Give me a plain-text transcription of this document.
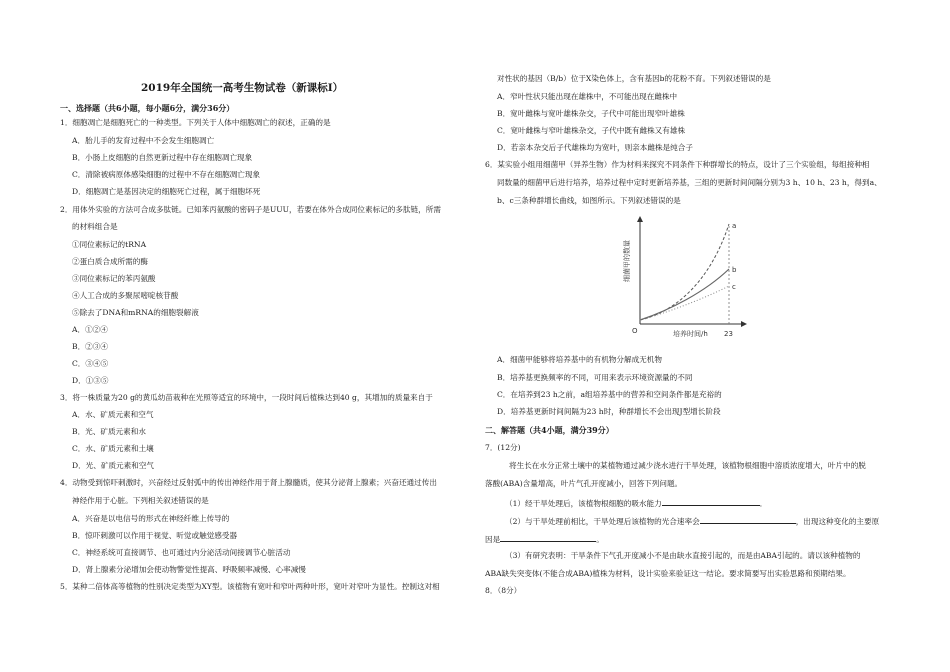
2019年全国统一高考生物试卷（新课标Ⅰ）
一、选择题（共6小题，每小题6分，满分36分）
1．细胞凋亡是细胞死亡的一种类型。下列关于人体中细胞凋亡的叙述，正确的是
A．胎儿手的发育过程中不会发生细胞凋亡
B．小肠上皮细胞的自然更新过程中存在细胞凋亡现象
C．清除被病原体感染细胞的过程中不存在细胞凋亡现象
D．细胞凋亡是基因决定的细胞死亡过程，属于细胞坏死
2．用体外实验的方法可合成多肽链。已知苯丙氨酸的密码子是UUU，若要在体外合成同位素标记的多肽链，所需
的材料组合是
①同位素标记的tRNA
②蛋白质合成所需的酶
③同位素标记的苯丙氨酸
④人工合成的多聚尿嘧啶核苷酸
⑤除去了DNA和mRNA的细胞裂解液
A．①②④
B．②③④
C．③④⑤
D．①③⑤
3．将一株质量为20 g的黄瓜幼苗栽种在光照等适宜的环境中，一段时间后植株达到40 g，其增加的质量来自于
A．水、矿质元素和空气
B．光、矿质元素和水
C．水、矿质元素和土壤
D．光、矿质元素和空气
4．动物受到惊吓刺激时，兴奋经过反射弧中的传出神经作用于肾上腺髓质，使其分泌肾上腺素；兴奋还通过传出
神经作用于心脏。下列相关叙述错误的是
A．兴奋是以电信号的形式在神经纤维上传导的
B．惊吓刺激可以作用于视觉、听觉或触觉感受器
C．神经系统可直接调节、也可通过内分泌活动间接调节心脏活动
D．肾上腺素分泌增加会使动物警觉性提高、呼吸频率减慢、心率减慢
5．某种二倍体高等植物的性别决定类型为XY型。该植物有宽叶和窄叶两种叶形，宽叶对窄叶为显性。控制这对相
对性状的基因（B/b）位于X染色体上，含有基因b的花粉不育。下列叙述错误的是
A．窄叶性状只能出现在雄株中，不可能出现在雌株中
B．宽叶雌株与宽叶雄株杂交，子代中可能出现窄叶雄株
C．宽叶雌株与窄叶雄株杂交，子代中既有雌株又有雄株
D．若亲本杂交后子代雄株均为宽叶，则亲本雌株是纯合子
6．某实验小组用细菌甲（异养生物）作为材料来探究不同条件下种群增长的特点，设计了三个实验组，每组接种相
同数量的细菌甲后进行培养，培养过程中定时更新培养基，三组的更新时间间隔分别为3 h、10 h、23 h，得到a、
b、c三条种群增长曲线，如图所示。下列叙述错误的是
细菌甲的数量
培养时间/h
O	23
a
b
c
A．细菌甲能够将培养基中的有机物分解成无机物
B．培养基更换频率的不同，可用来表示环境资源量的不同
C．在培养到23 h之前，a组培养基中的营养和空间条件都是充裕的
D．培养基更新时间间隔为23 h时，种群增长不会出现J型增长阶段
二、解答题（共4小题，满分39分）
7．(12分)
将生长在水分正常土壤中的某植物通过减少浇水进行干旱处理，该植物根细胞中溶质浓度增大，叶片中的脱
落酸(ABA)含量增高，叶片气孔开度减小，回答下列问题。
（1）经干旱处理后，该植物根细胞的吸水能力	．
（2）与干旱处理前相比，干旱处理后该植物的光合速率会	，出现这种变化的主要原
因是	。
（3）有研究表明：干旱条件下气孔开度减小不是由缺水直接引起的，而是由ABA引起的。请以该种植物的
ABA缺失突变体(不能合成ABA)植株为材料，设计实验来验证这一结论。要求简要写出实验思路和预期结果。
8．（8分）
